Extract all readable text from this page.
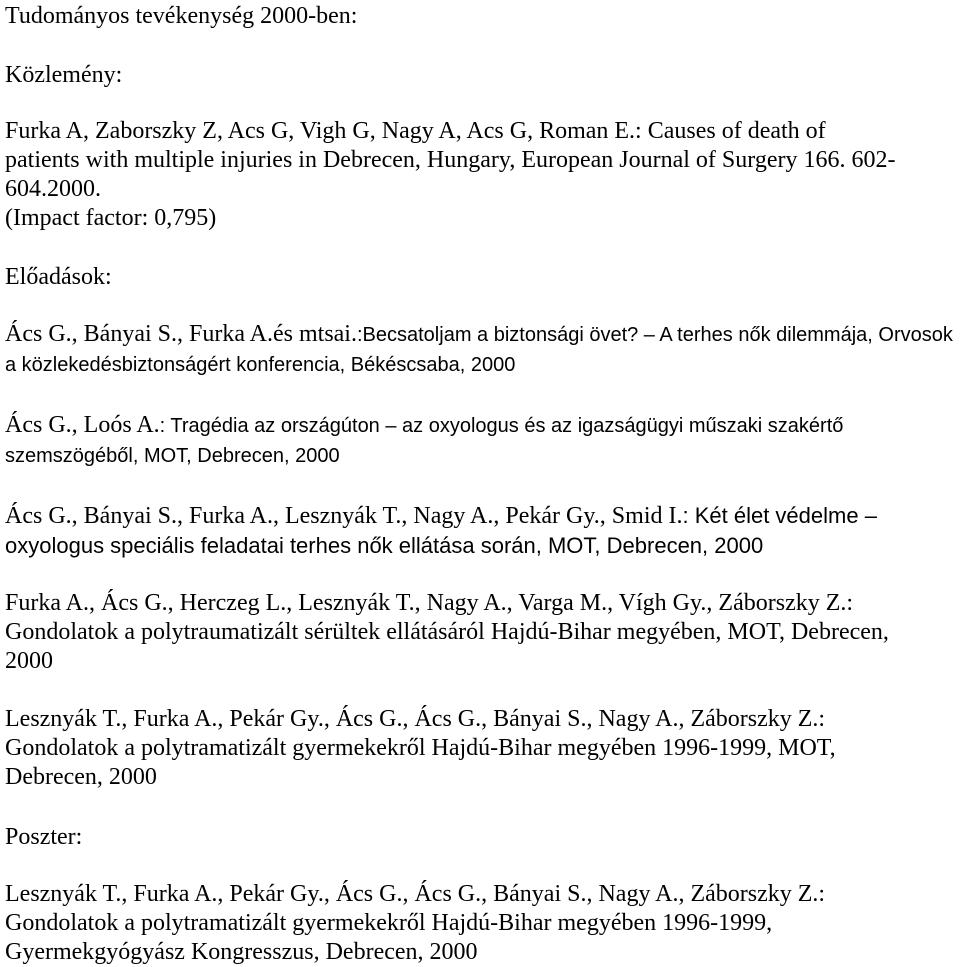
Tudományos tevékenység 2000-ben:
Közlemény:
Furka A, Zaborszky Z, Acs G, Vigh G, Nagy A, Acs G, Roman E.: Causes of death of
patients with multiple injuries in Debrecen, Hungary, European Journal of Surgery 166. 602-
604.2000.
(Impact factor: 0,795)
Előadások:
Ács G., Bányai S., Furka A.és mtsai.:Becsatoljam a biztonsági övet? – A terhes nők dilemmája, Orvosok a közlekedésbiztonságért konferencia, Békéscsaba, 2000
Ács G., Loós A.: Tragédia az országúton – az oxyologus és az igazságügyi műszaki szakértő szemszögéből, MOT, Debrecen, 2000
Ács G., Bányai S., Furka A., Lesznyák T., Nagy A., Pekár Gy., Smid I.: Két élet védelme – oxyologus speciális feladatai terhes nők ellátása során, MOT, Debrecen, 2000
Furka A., Ács G., Herczeg L., Lesznyák T., Nagy A., Varga M., Vígh Gy., Záborszky Z.:
Gondolatok a polytraumatizált sérültek ellátásáról Hajdú-Bihar megyében, MOT, Debrecen,
2000
Lesznyák T., Furka A., Pekár Gy., Ács G., Ács G., Bányai S., Nagy A., Záborszky Z.:
Gondolatok a polytramatizált gyermekekről Hajdú-Bihar megyében 1996-1999, MOT,
Debrecen, 2000
Poszter:
Lesznyák T., Furka A., Pekár Gy., Ács G., Ács G., Bányai S., Nagy A., Záborszky Z.:
Gondolatok a polytramatizált gyermekekről Hajdú-Bihar megyében 1996-1999,
Gyermekgyógyász Kongresszus, Debrecen, 2000
